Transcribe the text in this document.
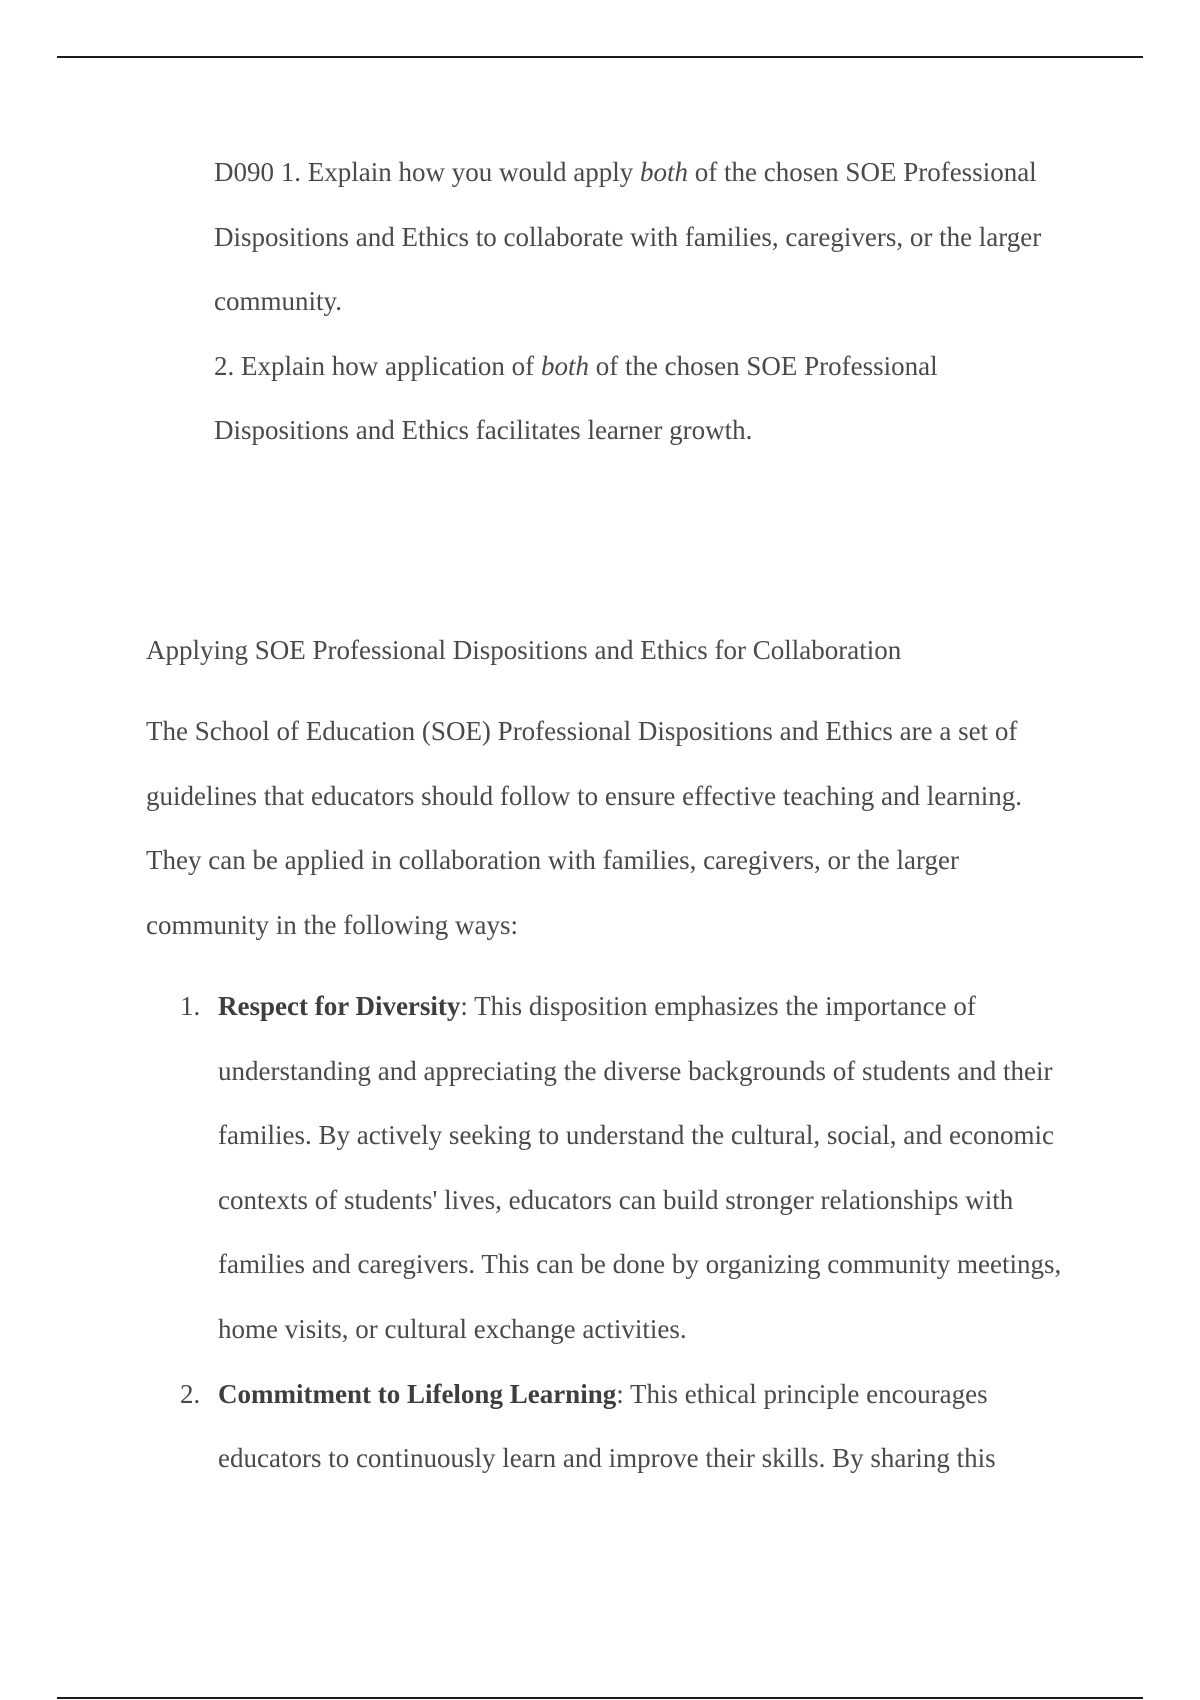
D090 1. Explain how you would apply both of the chosen SOE Professional Dispositions and Ethics to collaborate with families, caregivers, or the larger community.

2. Explain how application of both of the chosen SOE Professional Dispositions and Ethics facilitates learner growth.

Applying SOE Professional Dispositions and Ethics for Collaboration

The School of Education (SOE) Professional Dispositions and Ethics are a set of guidelines that educators should follow to ensure effective teaching and learning. They can be applied in collaboration with families, caregivers, or the larger community in the following ways:

1. Respect for Diversity: This disposition emphasizes the importance of understanding and appreciating the diverse backgrounds of students and their families. By actively seeking to understand the cultural, social, and economic contexts of students' lives, educators can build stronger relationships with families and caregivers. This can be done by organizing community meetings, home visits, or cultural exchange activities.
2. Commitment to Lifelong Learning: This ethical principle encourages educators to continuously learn and improve their skills. By sharing this
